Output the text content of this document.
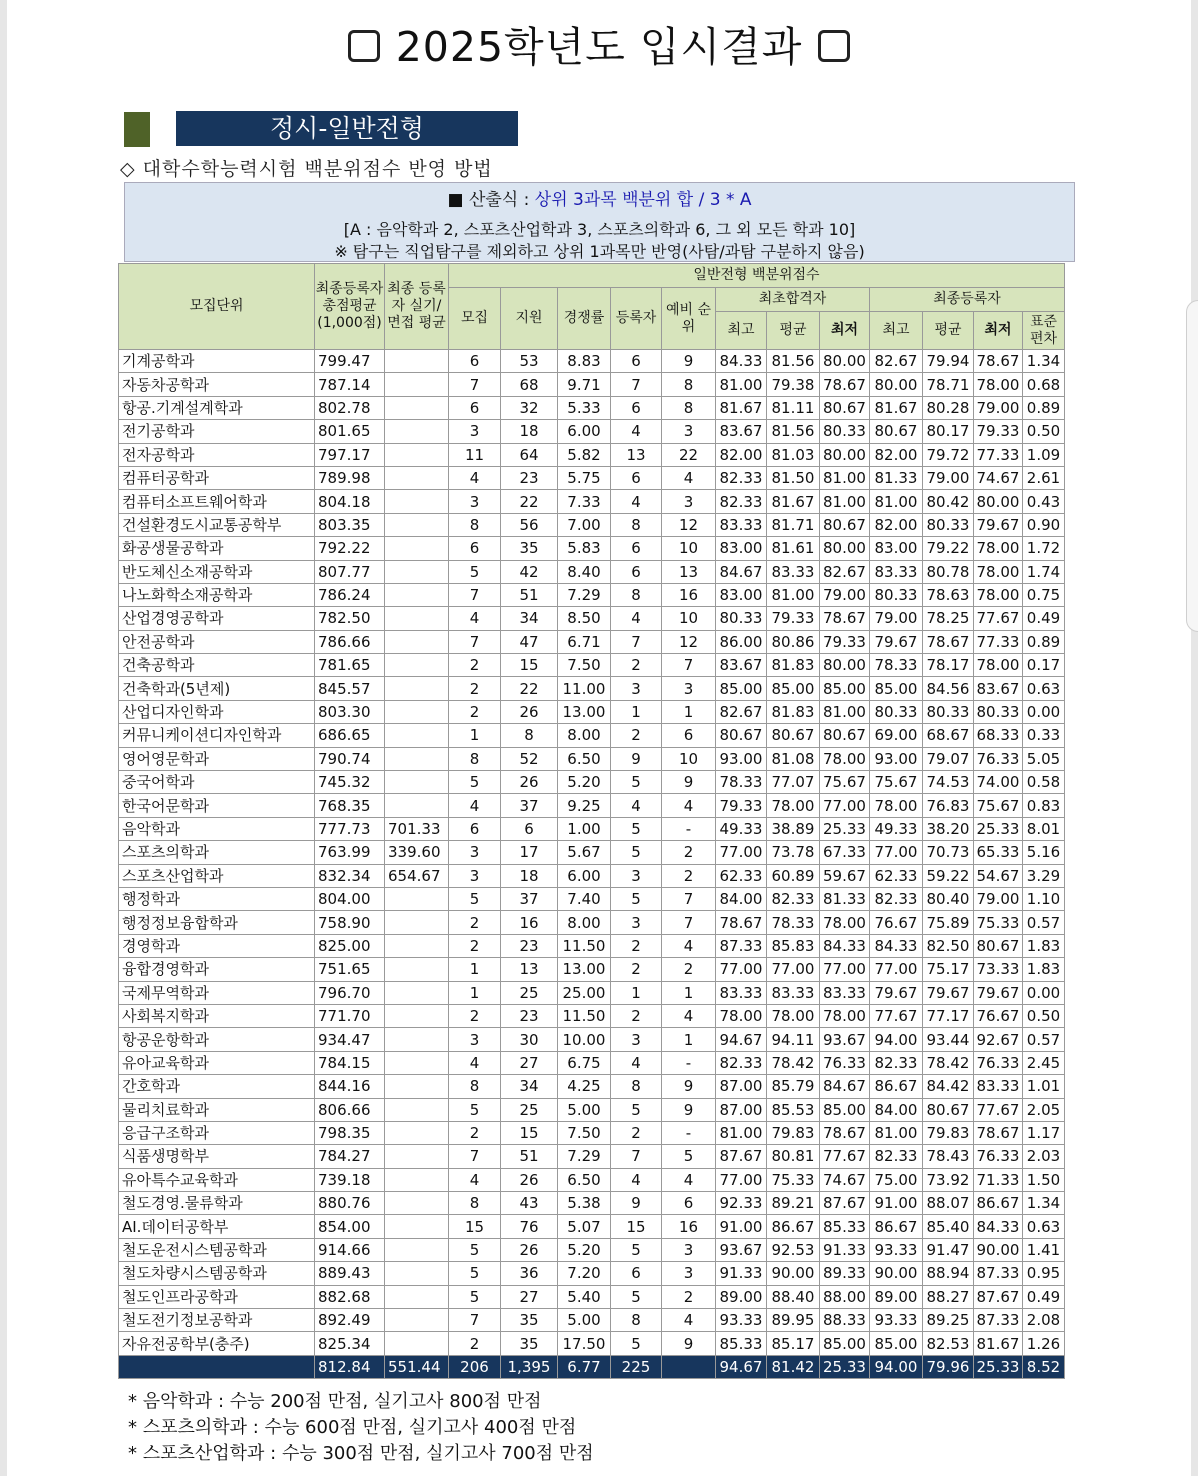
2025학년도 입시결과
정시-일반전형
◇ 대학수학능력시험 백분위점수 반영 방법
■ 산출식 : 상위 3과목 백분위 합 / 3 * A
[A : 음악학과 2, 스포츠산업학과 3, 스포츠의학과 6, 그 외 모든 학과 10]
※ 탐구는 직업탐구를 제외하고 상위 1과목만 반영(사탐/과탐 구분하지 않음)
모집단위	최종등록자 총점평균 (1,000점)	최종 등록자 실기/면접 평균	일반전형 백분위점수											
			모집	지원	경쟁률	등록자	예비 순위	최초합격자			최종등록자			
								최고	평균	최저	최고	평균	최저	표준 편차
기계공학과	799.47		6	53	8.83	6	9	84.33	81.56	80.00	82.67	79.94	78.67	1.34
자동차공학과	787.14		7	68	9.71	7	8	81.00	79.38	78.67	80.00	78.71	78.00	0.68
항공.기계설계학과	802.78		6	32	5.33	6	8	81.67	81.11	80.67	81.67	80.28	79.00	0.89
전기공학과	801.65		3	18	6.00	4	3	83.67	81.56	80.33	80.67	80.17	79.33	0.50
전자공학과	797.17		11	64	5.82	13	22	82.00	81.03	80.00	82.00	79.72	77.33	1.09
컴퓨터공학과	789.98		4	23	5.75	6	4	82.33	81.50	81.00	81.33	79.00	74.67	2.61
컴퓨터소프트웨어학과	804.18		3	22	7.33	4	3	82.33	81.67	81.00	81.00	80.42	80.00	0.43
건설환경도시교통공학부	803.35		8	56	7.00	8	12	83.33	81.71	80.67	82.00	80.33	79.67	0.90
화공생물공학과	792.22		6	35	5.83	6	10	83.00	81.61	80.00	83.00	79.22	78.00	1.72
반도체신소재공학과	807.77		5	42	8.40	6	13	84.67	83.33	82.67	83.33	80.78	78.00	1.74
나노화학소재공학과	786.24		7	51	7.29	8	16	83.00	81.00	79.00	80.33	78.63	78.00	0.75
산업경영공학과	782.50		4	34	8.50	4	10	80.33	79.33	78.67	79.00	78.25	77.67	0.49
안전공학과	786.66		7	47	6.71	7	12	86.00	80.86	79.33	79.67	78.67	77.33	0.89
건축공학과	781.65		2	15	7.50	2	7	83.67	81.83	80.00	78.33	78.17	78.00	0.17
건축학과(5년제)	845.57		2	22	11.00	3	3	85.00	85.00	85.00	85.00	84.56	83.67	0.63
산업디자인학과	803.30		2	26	13.00	1	1	82.67	81.83	81.00	80.33	80.33	80.33	0.00
커뮤니케이션디자인학과	686.65		1	8	8.00	2	6	80.67	80.67	80.67	69.00	68.67	68.33	0.33
영어영문학과	790.74		8	52	6.50	9	10	93.00	81.08	78.00	93.00	79.07	76.33	5.05
중국어학과	745.32		5	26	5.20	5	9	78.33	77.07	75.67	75.67	74.53	74.00	0.58
한국어문학과	768.35		4	37	9.25	4	4	79.33	78.00	77.00	78.00	76.83	75.67	0.83
음악학과	777.73	701.33	6	6	1.00	5	-	49.33	38.89	25.33	49.33	38.20	25.33	8.01
스포츠의학과	763.99	339.60	3	17	5.67	5	2	77.00	73.78	67.33	77.00	70.73	65.33	5.16
스포츠산업학과	832.34	654.67	3	18	6.00	3	2	62.33	60.89	59.67	62.33	59.22	54.67	3.29
행정학과	804.00		5	37	7.40	5	7	84.00	82.33	81.33	82.33	80.40	79.00	1.10
행정정보융합학과	758.90		2	16	8.00	3	7	78.67	78.33	78.00	76.67	75.89	75.33	0.57
경영학과	825.00		2	23	11.50	2	4	87.33	85.83	84.33	84.33	82.50	80.67	1.83
융합경영학과	751.65		1	13	13.00	2	2	77.00	77.00	77.00	77.00	75.17	73.33	1.83
국제무역학과	796.70		1	25	25.00	1	1	83.33	83.33	83.33	79.67	79.67	79.67	0.00
사회복지학과	771.70		2	23	11.50	2	4	78.00	78.00	78.00	77.67	77.17	76.67	0.50
항공운항학과	934.47		3	30	10.00	3	1	94.67	94.11	93.67	94.00	93.44	92.67	0.57
유아교육학과	784.15		4	27	6.75	4	-	82.33	78.42	76.33	82.33	78.42	76.33	2.45
간호학과	844.16		8	34	4.25	8	9	87.00	85.79	84.67	86.67	84.42	83.33	1.01
물리치료학과	806.66		5	25	5.00	5	9	87.00	85.53	85.00	84.00	80.67	77.67	2.05
응급구조학과	798.35		2	15	7.50	2	-	81.00	79.83	78.67	81.00	79.83	78.67	1.17
식품생명학부	784.27		7	51	7.29	7	5	87.67	80.81	77.67	82.33	78.43	76.33	2.03
유아특수교육학과	739.18		4	26	6.50	4	4	77.00	75.33	74.67	75.00	73.92	71.33	1.50
철도경영.물류학과	880.76		8	43	5.38	9	6	92.33	89.21	87.67	91.00	88.07	86.67	1.34
AI.데이터공학부	854.00		15	76	5.07	15	16	91.00	86.67	85.33	86.67	85.40	84.33	0.63
철도운전시스템공학과	914.66		5	26	5.20	5	3	93.67	92.53	91.33	93.33	91.47	90.00	1.41
철도차량시스템공학과	889.43		5	36	7.20	6	3	91.33	90.00	89.33	90.00	88.94	87.33	0.95
철도인프라공학과	882.68		5	27	5.40	5	2	89.00	88.40	88.00	89.00	88.27	87.67	0.49
철도전기정보공학과	892.49		7	35	5.00	8	4	93.33	89.95	88.33	93.33	89.25	87.33	2.08
자유전공학부(충주)	825.34		2	35	17.50	5	9	85.33	85.17	85.00	85.00	82.53	81.67	1.26
	812.84	551.44	206	1,395	6.77	225		94.67	81.42	25.33	94.00	79.96	25.33	8.52
* 음악학과 : 수능 200점 만점, 실기고사 800점 만점
* 스포츠의학과 : 수능 600점 만점, 실기고사 400점 만점
* 스포츠산업학과 : 수능 300점 만점, 실기고사 700점 만점
